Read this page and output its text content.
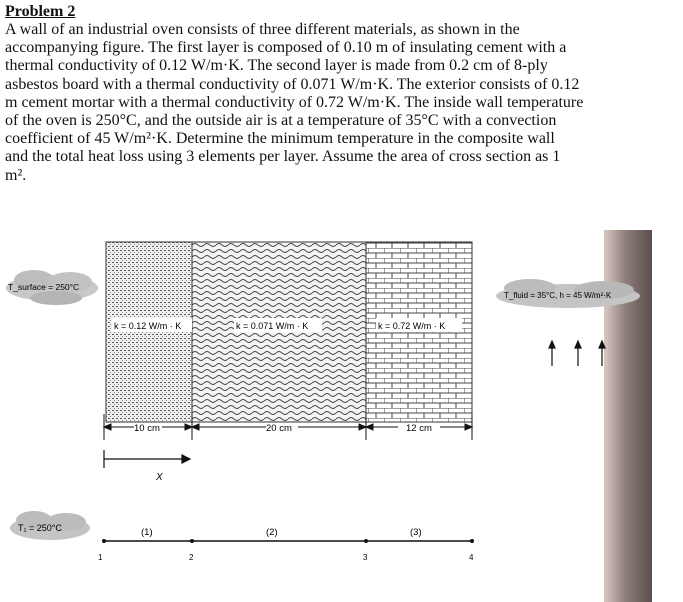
Problem 2
A wall of an industrial oven consists of three different materials, as shown in the
accompanying figure. The first layer is composed of 0.10 m of insulating cement with a
thermal conductivity of 0.12 W/m·K. The second layer is made from 0.2 cm of 8-ply
asbestos board with a thermal conductivity of 0.071 W/m·K. The exterior consists of 0.12
m cement mortar with a thermal conductivity of 0.72 W/m·K. The inside wall temperature
of the oven is 250°C, and the outside air is at a temperature of 35°C with a convection
coefficient of 45 W/m²·K. Determine the minimum temperature in the composite wall
and the total heat loss using 3 elements per layer. Assume the area of cross section as 1
m².
k = 0.12 W/m · K	k = 0.071 W/m · K	k = 0.72 W/m · K
T_surface = 250°C
T_fluid = 35°C, h = 45 W/m²·K
10 cm	20 cm	12 cm
X
T₁ = 250°C	(1)	(2)	(3)
1	2	3	4
